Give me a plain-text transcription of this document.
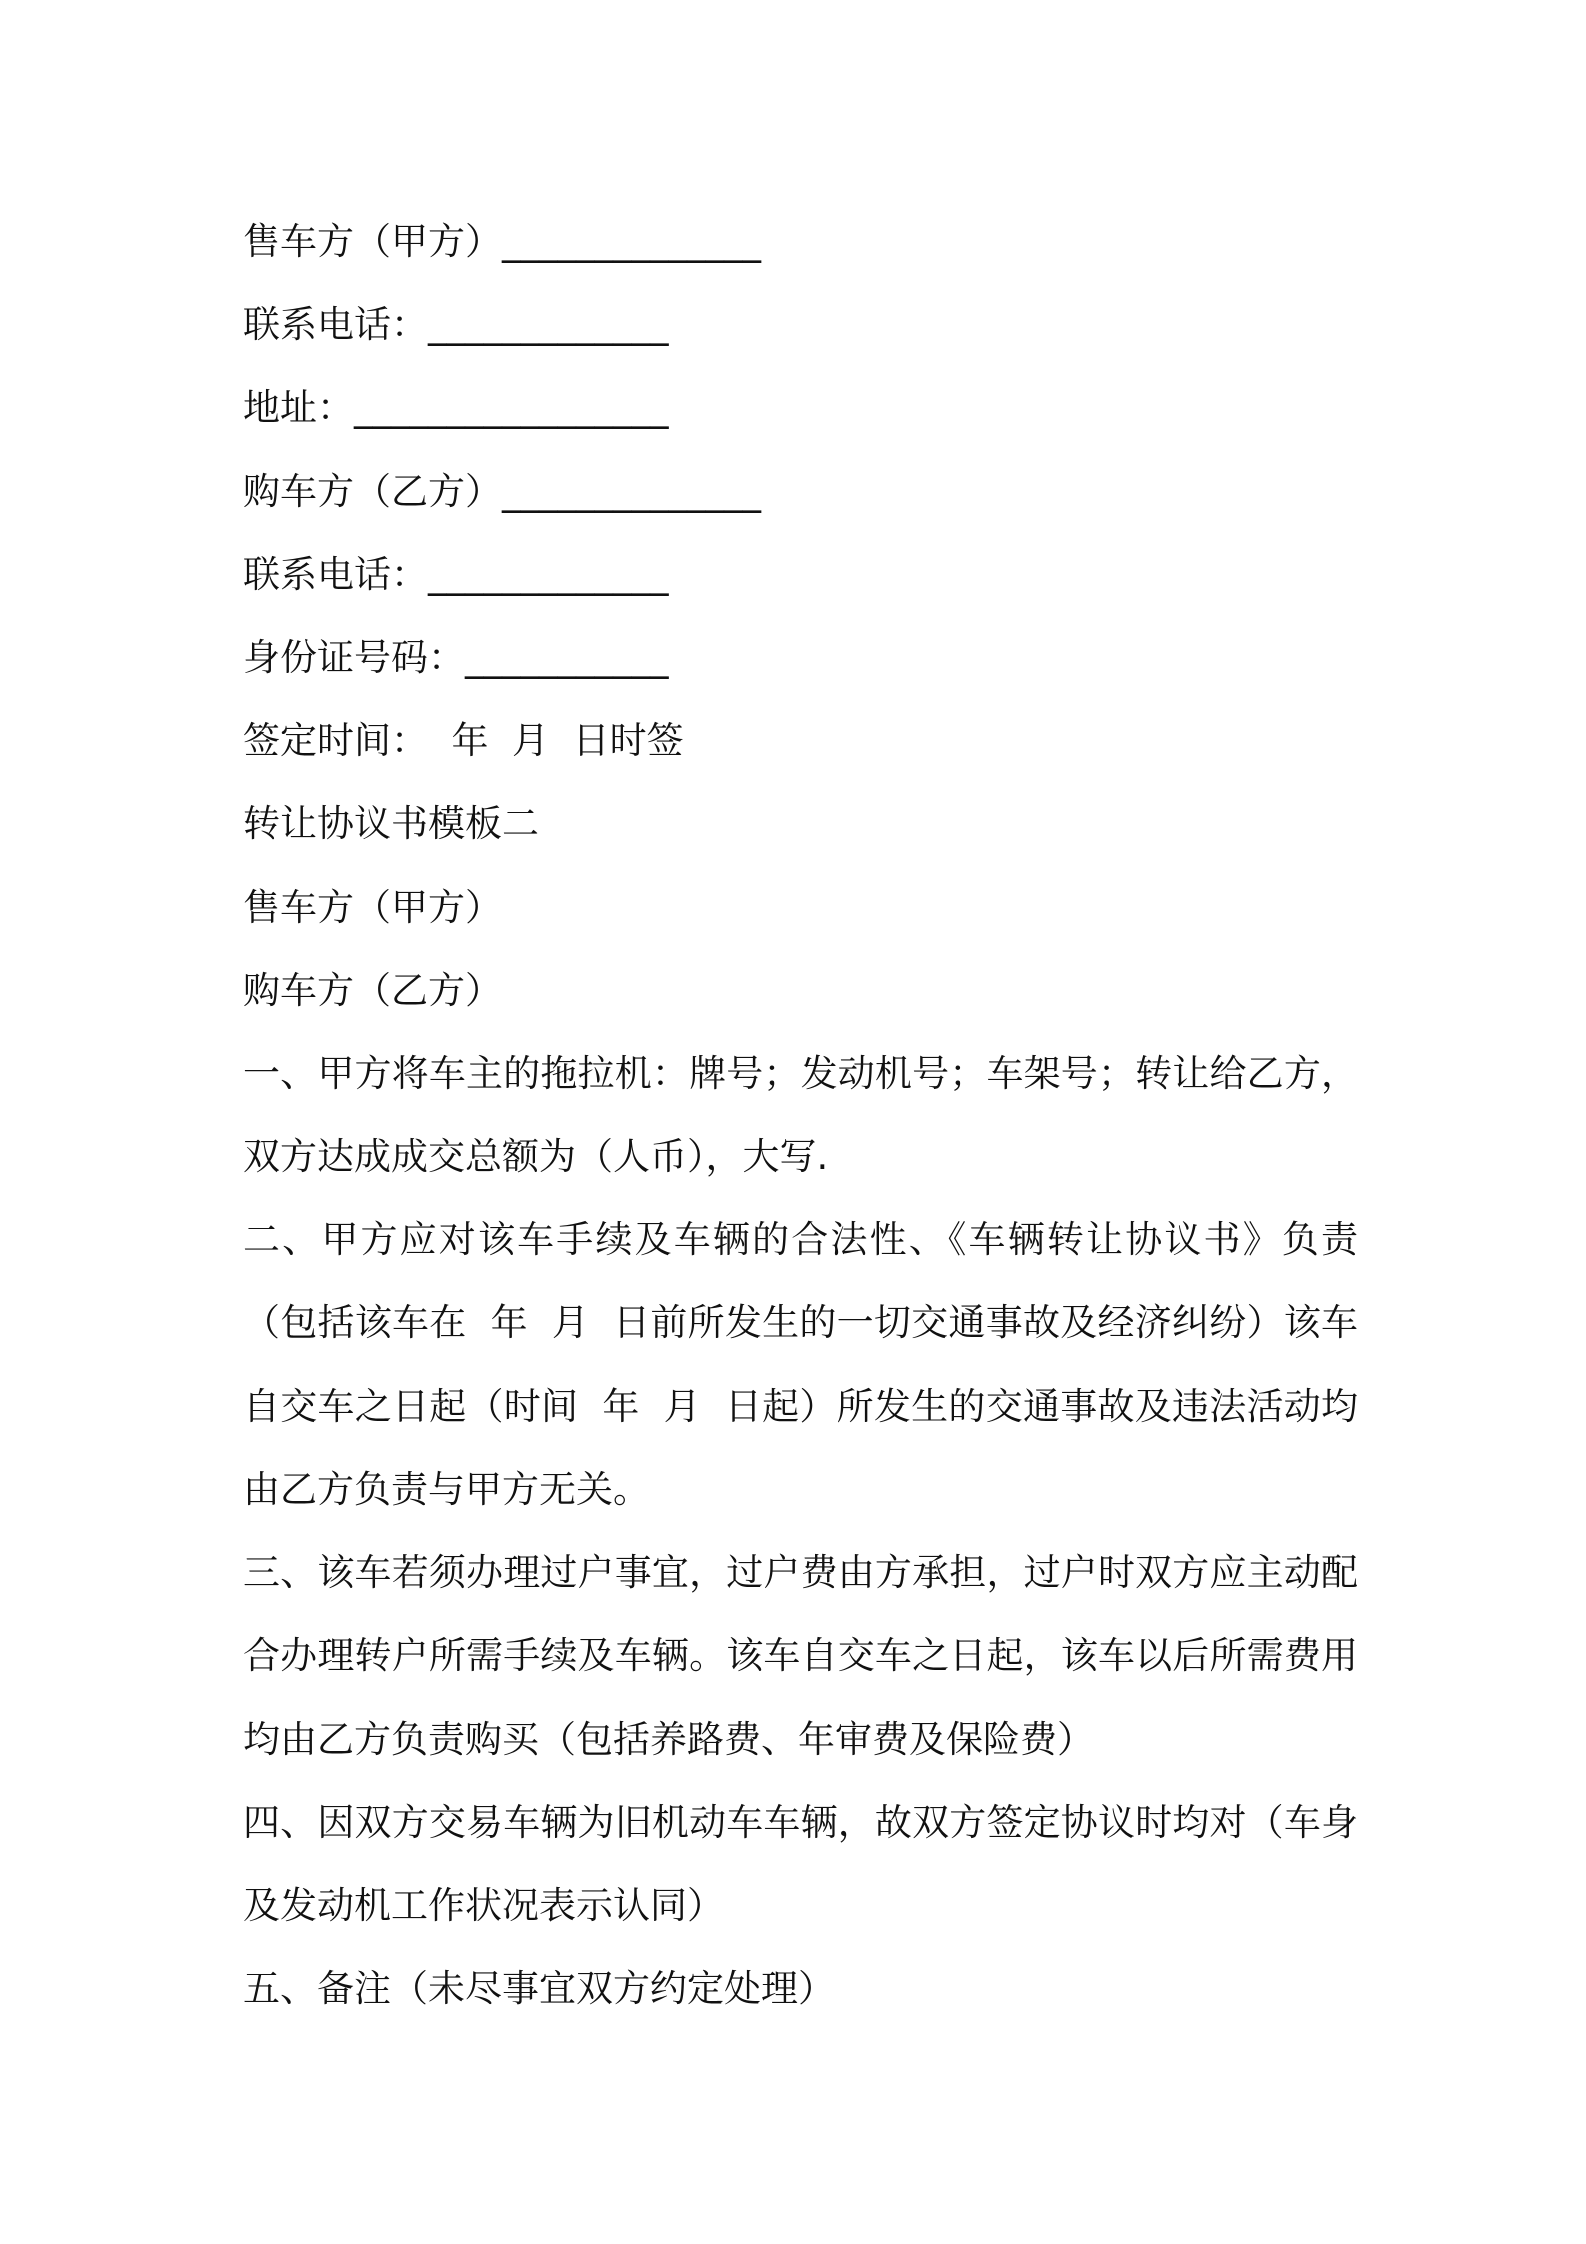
售车方（甲方）______________

联系电话：_____________

地址：_________________

购车方（乙方）______________

联系电话：_____________

身份证号码：___________

签定时间：  年  月  日时签

转让协议书模板二

售车方（甲方）

购车方（乙方）

一、甲方将车主的拖拉机：牌号；发动机号；车架号；转让给乙方，双方达成成交总额为（人币），大写.

二、甲方应对该车手续及车辆的合法性、《车辆转让协议书》负责（包括该车在  年  月  日前所发生的一切交通事故及经济纠纷）该车自交车之日起（时间  年  月  日起）所发生的交通事故及违法活动均由乙方负责与甲方无关。

三、该车若须办理过户事宜，过户费由方承担，过户时双方应主动配合办理转户所需手续及车辆。该车自交车之日起，该车以后所需费用均由乙方负责购买（包括养路费、年审费及保险费）

四、因双方交易车辆为旧机动车车辆，故双方签定协议时均对（车身及发动机工作状况表示认同）

五、备注（未尽事宜双方约定处理）
